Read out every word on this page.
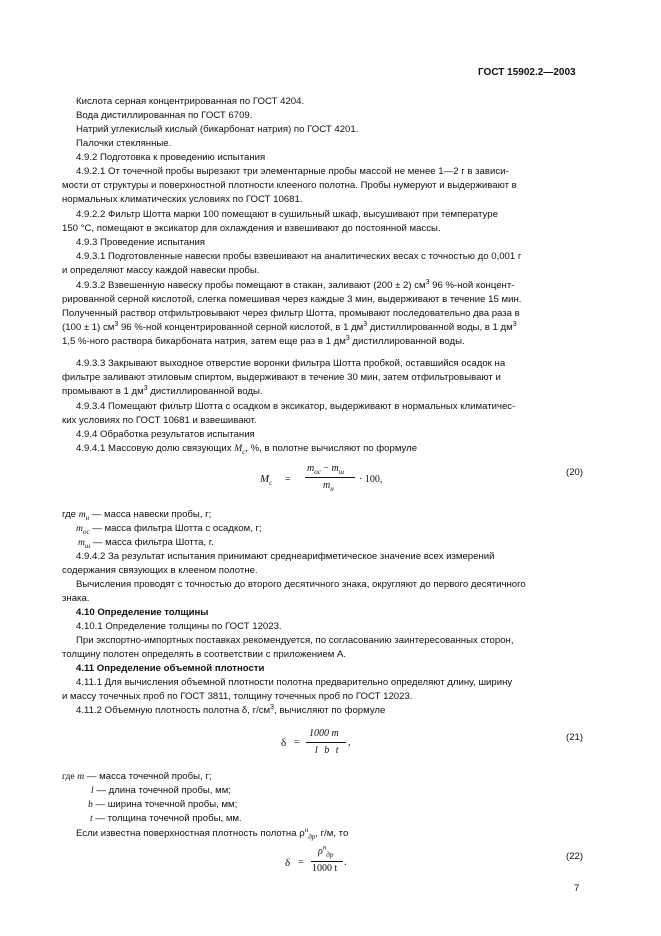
ГОСТ 15902.2—2003
Кислота серная концентрированная по ГОСТ 4204.
Вода дистиллированная по ГОСТ 6709.
Натрий углекислый кислый (бикарбонат натрия) по ГОСТ 4201.
Палочки стеклянные.
4.9.2 Подготовка к проведению испытания
4.9.2.1 От точечной пробы вырезают три элементарные пробы массой не менее 1—2 г в зависи-
мости от структуры и поверхностной плотности клееного полотна. Пробы нумеруют и выдерживают в
нормальных климатических условиях по ГОСТ 10681.
4.9.2.2 Фильтр Шотта марки 100 помещают в сушильный шкаф, высушивают при температуре
150 °С, помещают в эксикатор для охлаждения и взвешивают до постоянной массы.
4.9.3 Проведение испытания
4.9.3.1 Подготовленные навески пробы взвешивают на аналитических весах с точностью до 0,001 г
и определяют массу каждой навески пробы.
4.9.3.2 Взвешенную навеску пробы помещают в стакан, заливают (200 ± 2) $см^3$ 96 %-ной концент-
рированной серной кислотой, слегка помешивая через каждые 3 мин, выдерживают в течение 15 мин.
Полученный раствор отфильтровывают через фильтр Шотта, промывают последовательно два раза в
(100 ± 1) $см^3$ 96 %-ной концентрированной серной кислотой, в 1 $дм^3$ дистиллированной воды, в 1 $дм^3$
1,5 %-ного раствора бикарбоната натрия, затем еще раз в 1 $дм^3$ дистиллированной воды.
4.9.3.3 Закрывают выходное отверстие воронки фильтра Шотта пробкой, оставшийся осадок на
фильтре заливают этиловым спиртом, выдерживают в течение 30 мин, затем отфильтровывают и
промывают в 1 $дм^3$ дистиллированной воды.
4.9.3.4 Помещают фильтр Шотта с осадком в эксикатор, выдерживают в нормальных климатичес-
ких условиях по ГОСТ 10681 и взвешивают.
4.9.4 Обработка результатов испытания
4.9.4.1 Массовую долю связующих $M_с$, %, в полотне вычисляют по формуле
$M_с$ =
$m_{ос} - m_ш$
$m_н$
· 100,
(20)
где $m_н$ — масса навески пробы, г;
$m_{ос}$ — масса фильтра Шотта с осадком, г;
$m_ш$ — масса фильтра Шотта, г.
4.9.4.2 За результат испытания принимают среднеарифметическое значение всех измерений
содержания связующих в клееном полотне.
Вычисления проводят с точностью до второго десятичного знака, округляют до первого десятичного
знака.
4.10 Определение толщины
4.10.1 Определение толщины по ГОСТ 12023.
При экспортно-импортных поставках рекомендуется, по согласованию заинтересованных сторон,
толщину полотен определять в соответствии с приложением А.
4.11 Определение объемной плотности
4.11.1 Для вычисления объемной плотности полотна предварительно определяют длину, ширину
и массу точечных проб по ГОСТ 3811, толщину точечных проб по ГОСТ 12023.
4.11.2 Объемную плотность полотна δ, $г/см^3$, вычисляют по формуле
δ =
1000 m
l b t
,	(21)
где m — масса точечной пробы, г;
l — длина точечной пробы, мм;
b — ширина точечной пробы, мм;
t — толщина точечной пробы, мм.
Если известна поверхностная плотность полотна $\rho^н_{др}$, г/м, то
δ =
$\rho^н_{др}$
1000 t
.
(22)
7
